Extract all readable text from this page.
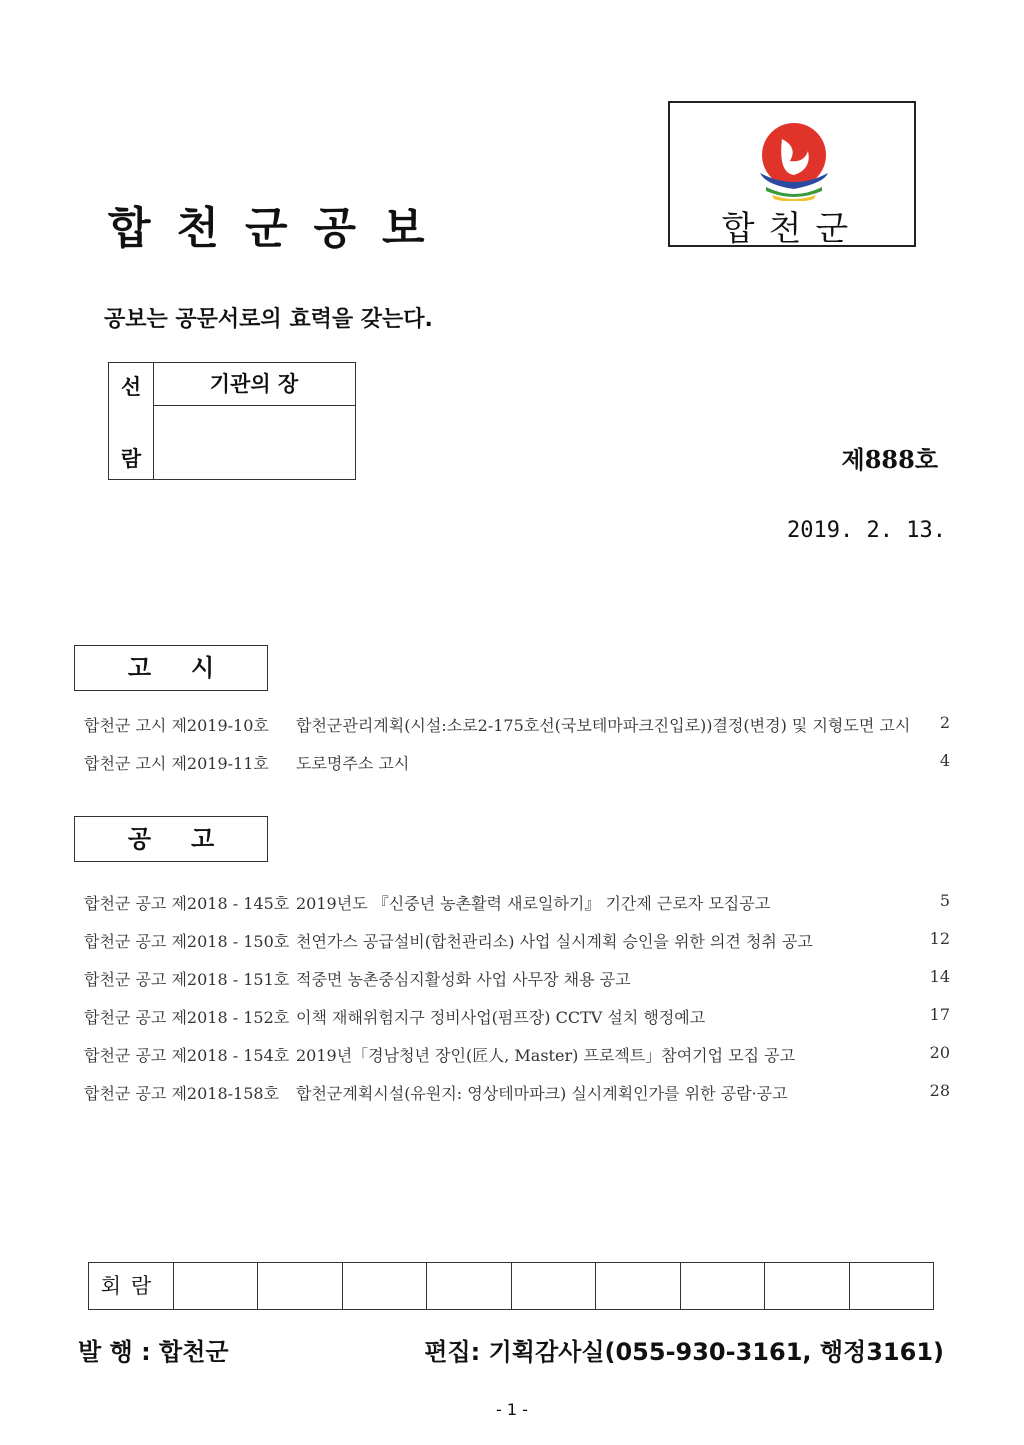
합천군공보	합천군
공보는 공문서로의 효력을 갖는다.
선
람
기관의 장
제888호
2019. 2. 13.
고시
합천군 고시 제2019-10호 합천군관리계획(시설:소로2-175호선(국보테마파크진입로))결정(변경) 및 지형도면 고시 2
합천군 고시 제2019-11호 도로명주소 고시	4
공고
합천군 공고 제2018 - 145호 2019년도 『신중년 농촌활력 새로일하기』 기간제 근로자 모집공고	5
합천군 공고 제2018 - 150호 천연가스 공급설비(합천관리소) 사업 실시계획 승인을 위한 의견 청취 공고	12
합천군 공고 제2018 - 151호 적중면 농촌중심지활성화 사업 사무장 채용 공고	14
합천군 공고 제2018 - 152호 이책 재해위험지구 정비사업(펌프장) CCTV 설치 행정예고	17
합천군 공고 제2018 - 154호 2019년「경남청년 장인(匠人, Master) 프로젝트」참여기업 모집 공고	20
합천군 공고 제2018-158호 합천군계획시설(유원지: 영상테마파크) 실시계획인가를 위한 공람·공고	28
회람
발 행 : 합천군	편집: 기획감사실(055-930-3161, 행정3161)
- 1 -
